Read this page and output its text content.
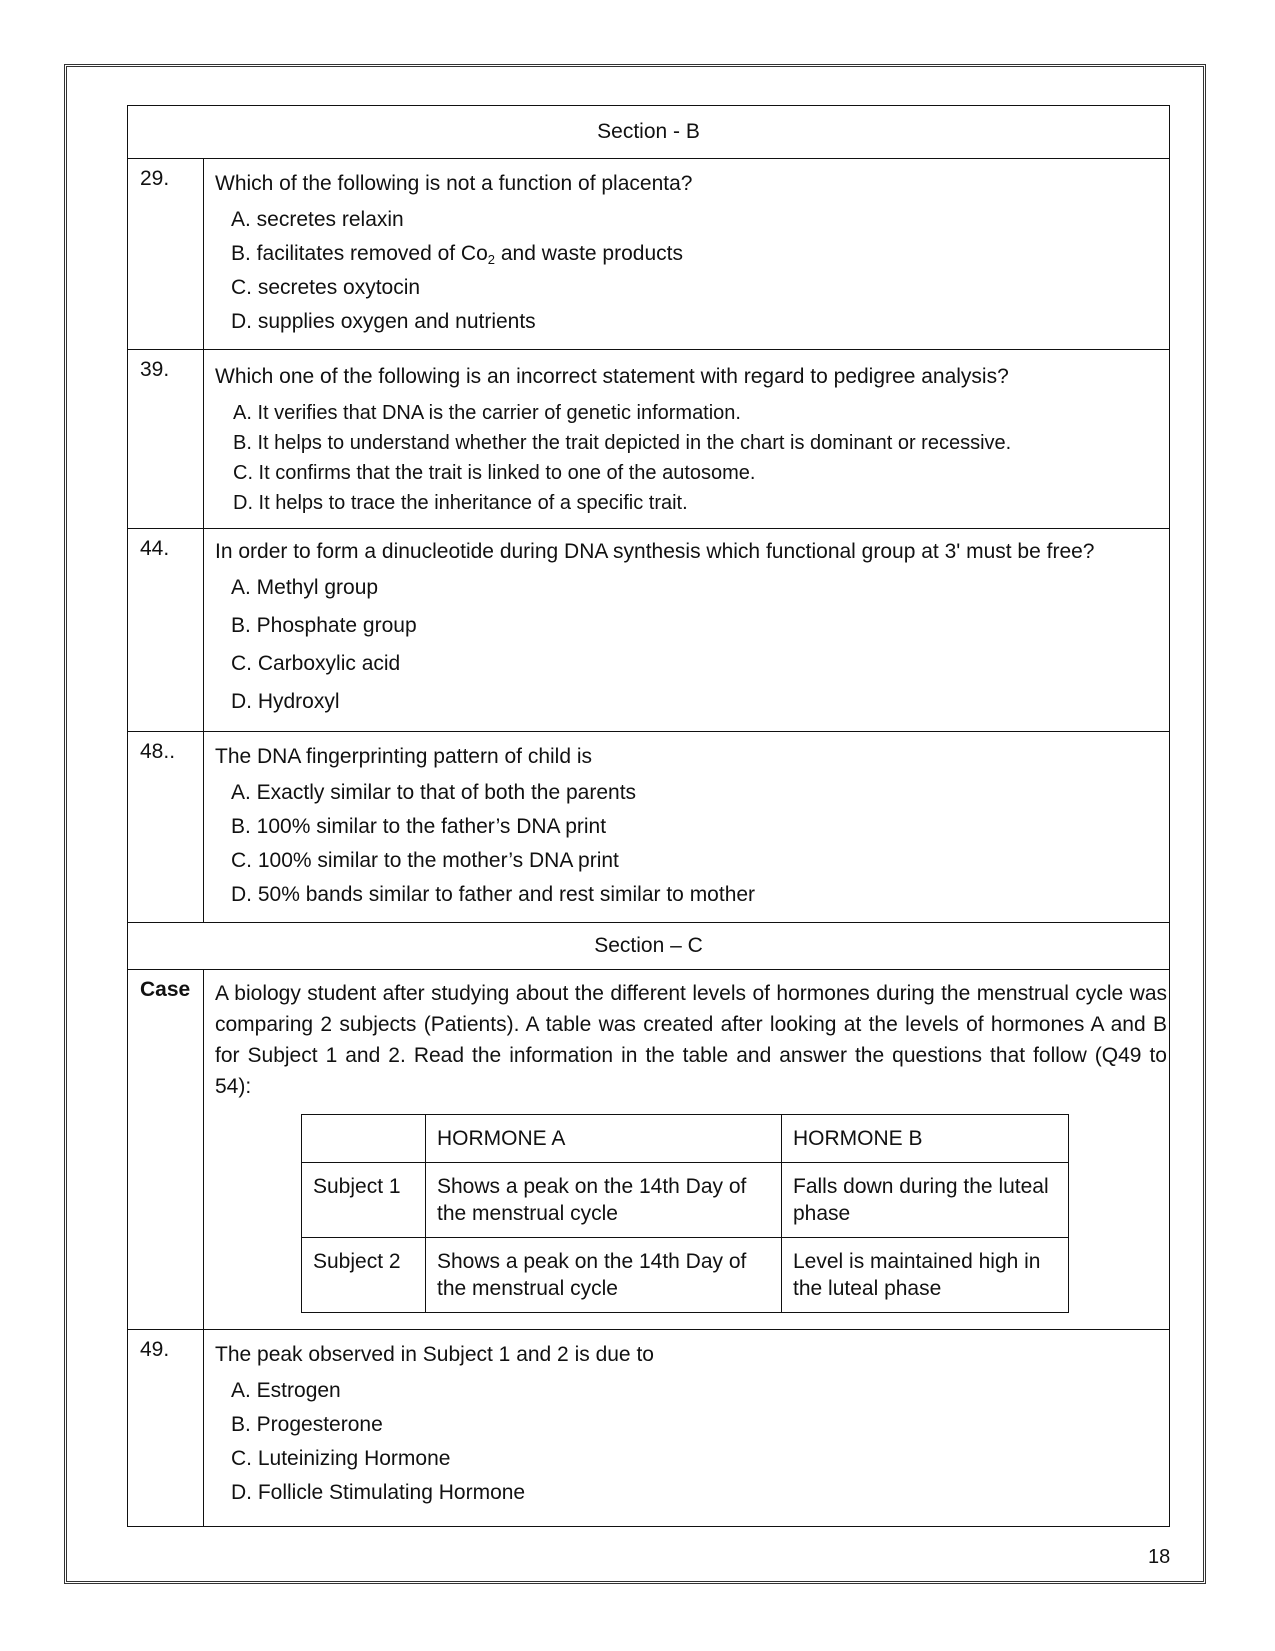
Section - B
29.	Which of the following is not a function of placenta?
A. secretes relaxin
B. facilitates removed of $Co_2$ and waste products
C. secretes oxytocin
D. supplies oxygen and nutrients

39.	Which one of the following is an incorrect statement with regard to pedigree analysis?
A. It verifies that DNA is the carrier of genetic information.
B. It helps to understand whether the trait depicted in the chart is dominant or recessive.
C. It confirms that the trait is linked to one of the autosome.
D. It helps to trace the inheritance of a specific trait.

44.	In order to form a dinucleotide during DNA synthesis which functional group at 3' must be free?
A. Methyl group
B. Phosphate group
C. Carboxylic acid
D. Hydroxyl

48..	The DNA fingerprinting pattern of child is
A. Exactly similar to that of both the parents
B. 100% similar to the father’s DNA print
C. 100% similar to the mother’s DNA print
D. 50% bands similar to father and rest similar to mother

Section – C
Case	A biology student after studying about the different levels of hormones during the menstrual cycle was comparing 2 subjects (Patients). A table was created after looking at the levels of hormones A and B for Subject 1 and 2. Read the information in the table and answer the questions that follow (Q49 to 54):
	HORMONE A	HORMONE B
Subject 1	Shows a peak on the 14th Day of the menstrual cycle	Falls down during the luteal phase
Subject 2	Shows a peak on the 14th Day of the menstrual cycle	Level is maintained high in the luteal phase

49.	The peak observed in Subject 1 and 2 is due to
A. Estrogen
B. Progesterone
C. Luteinizing Hormone
D. Follicle Stimulating Hormone
18
